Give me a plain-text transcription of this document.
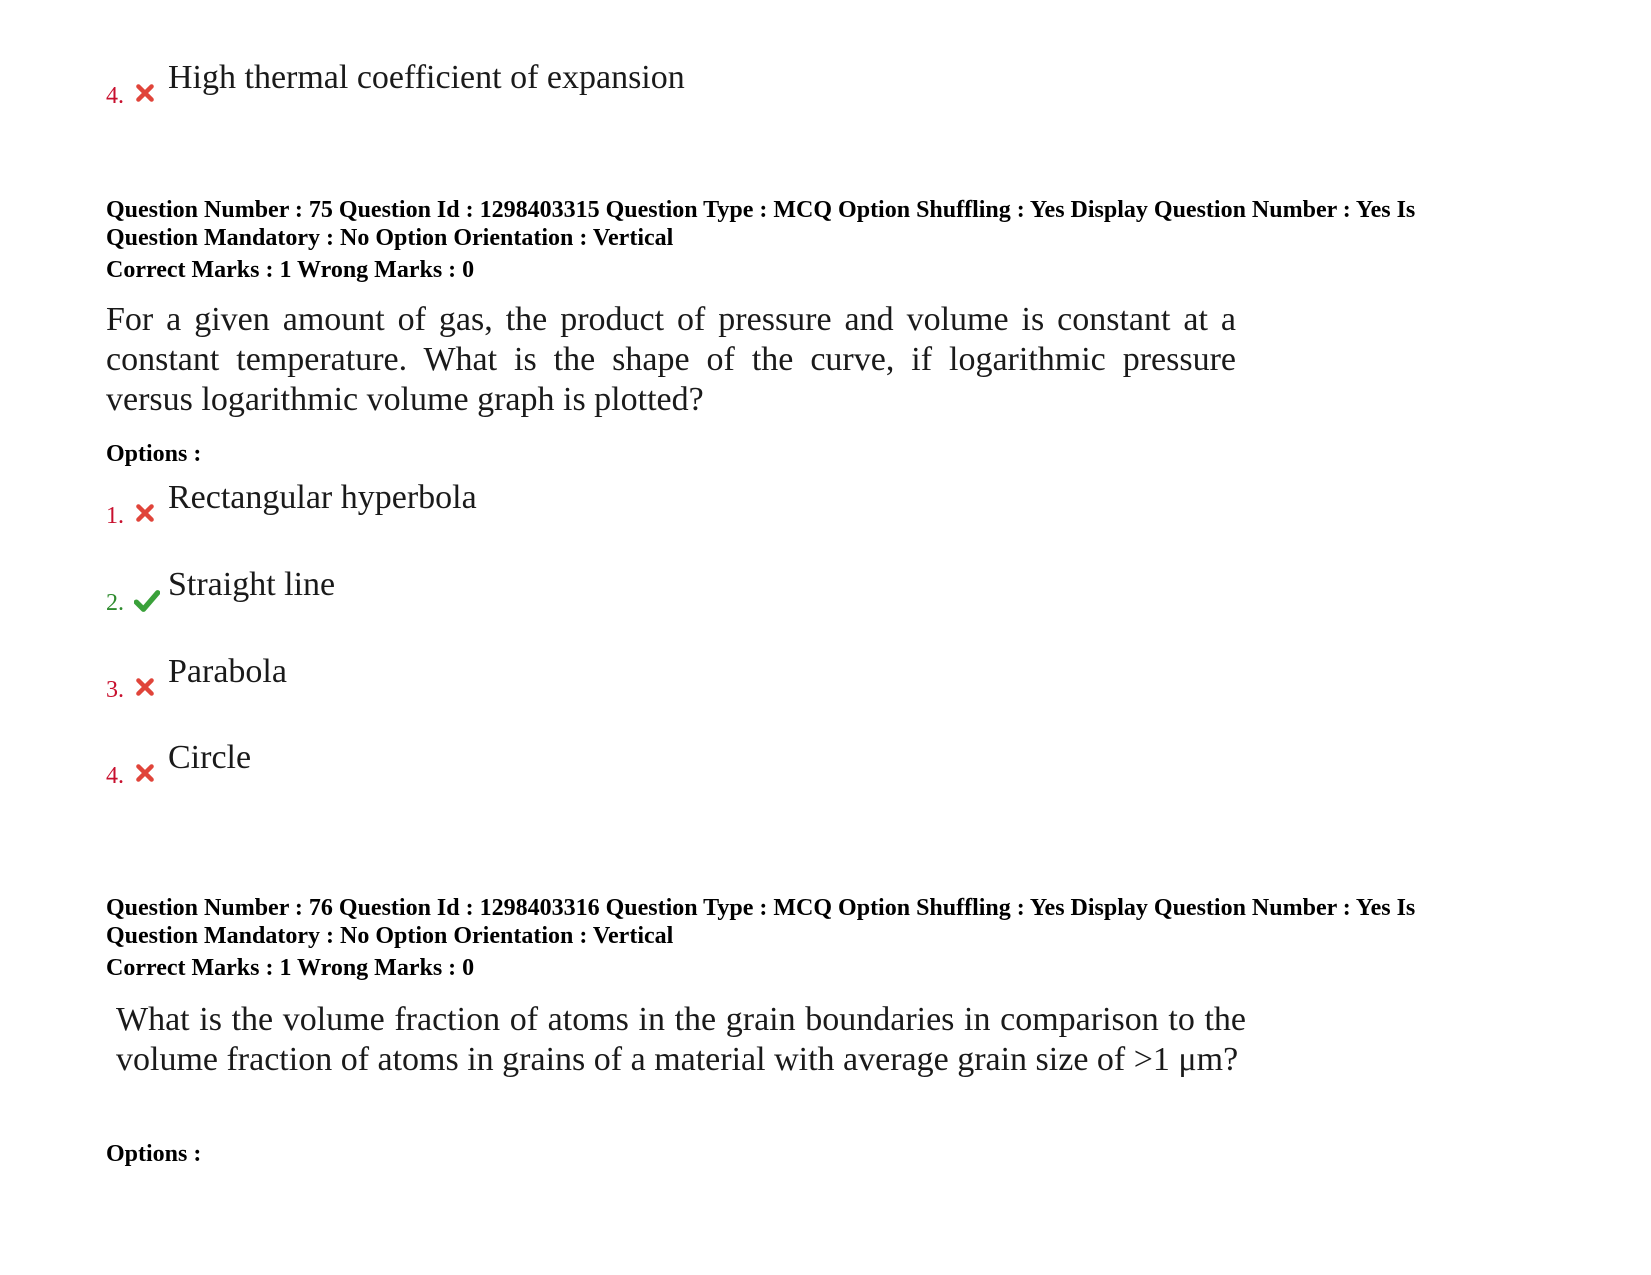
4. High thermal coefficient of expansion
Question Number : 75 Question Id : 1298403315 Question Type : MCQ Option Shuffling : Yes Display Question Number : Yes Is
Question Mandatory : No Option Orientation : Vertical
Correct Marks : 1 Wrong Marks : 0
For a given amount of gas, the product of pressure and volume is constant at a constant temperature. What is the shape of the curve, if logarithmic pressure versus logarithmic volume graph is plotted?
Options :
1. Rectangular hyperbola
2. Straight line
3. Parabola
4. Circle
Question Number : 76 Question Id : 1298403316 Question Type : MCQ Option Shuffling : Yes Display Question Number : Yes Is
Question Mandatory : No Option Orientation : Vertical
Correct Marks : 1 Wrong Marks : 0
What is the volume fraction of atoms in the grain boundaries in comparison to the volume fraction of atoms in grains of a material with average grain size of >1 μm?
Options :
